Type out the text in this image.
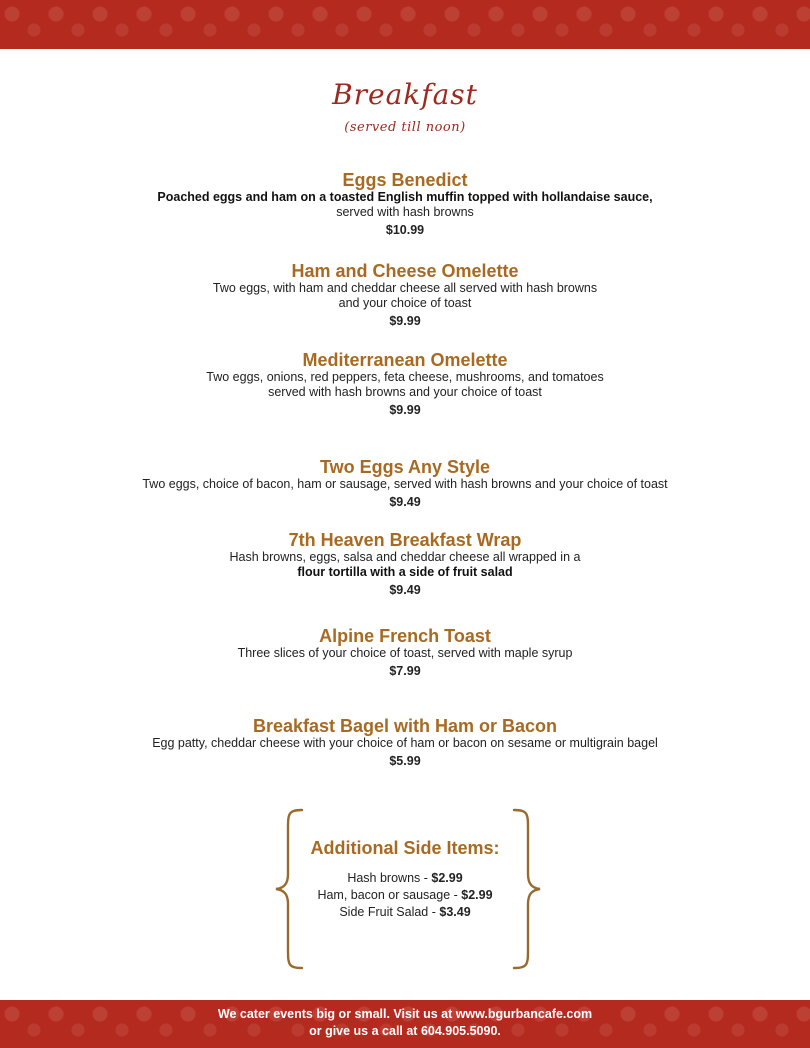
Breakfast
(served till noon)
Eggs Benedict
Poached eggs and ham on a toasted English muffin topped with hollandaise sauce,
served with hash browns
$10.99
Ham and Cheese Omelette
Two eggs, with ham and cheddar cheese all served with hash browns
and your choice of toast
$9.99
Mediterranean Omelette
Two eggs, onions, red peppers, feta cheese, mushrooms, and tomatoes
served with hash browns and your choice of toast
$9.99
Two Eggs Any Style
Two eggs, choice of bacon, ham or sausage, served with hash browns and your choice of toast
$9.49
7th Heaven Breakfast Wrap
Hash browns, eggs, salsa and cheddar cheese all wrapped in a
flour tortilla with a side of fruit salad
$9.49
Alpine French Toast
Three slices of your choice of toast, served with maple syrup
$7.99
Breakfast Bagel with Ham or Bacon
Egg patty, cheddar cheese with your choice of ham or bacon on sesame or multigrain bagel
$5.99
Additional Side Items:
Hash browns - $2.99
Ham, bacon or sausage - $2.99
Side Fruit Salad - $3.49
We cater events big or small. Visit us at www.bgurbancafe.com
or give us a call at 604.905.5090.
